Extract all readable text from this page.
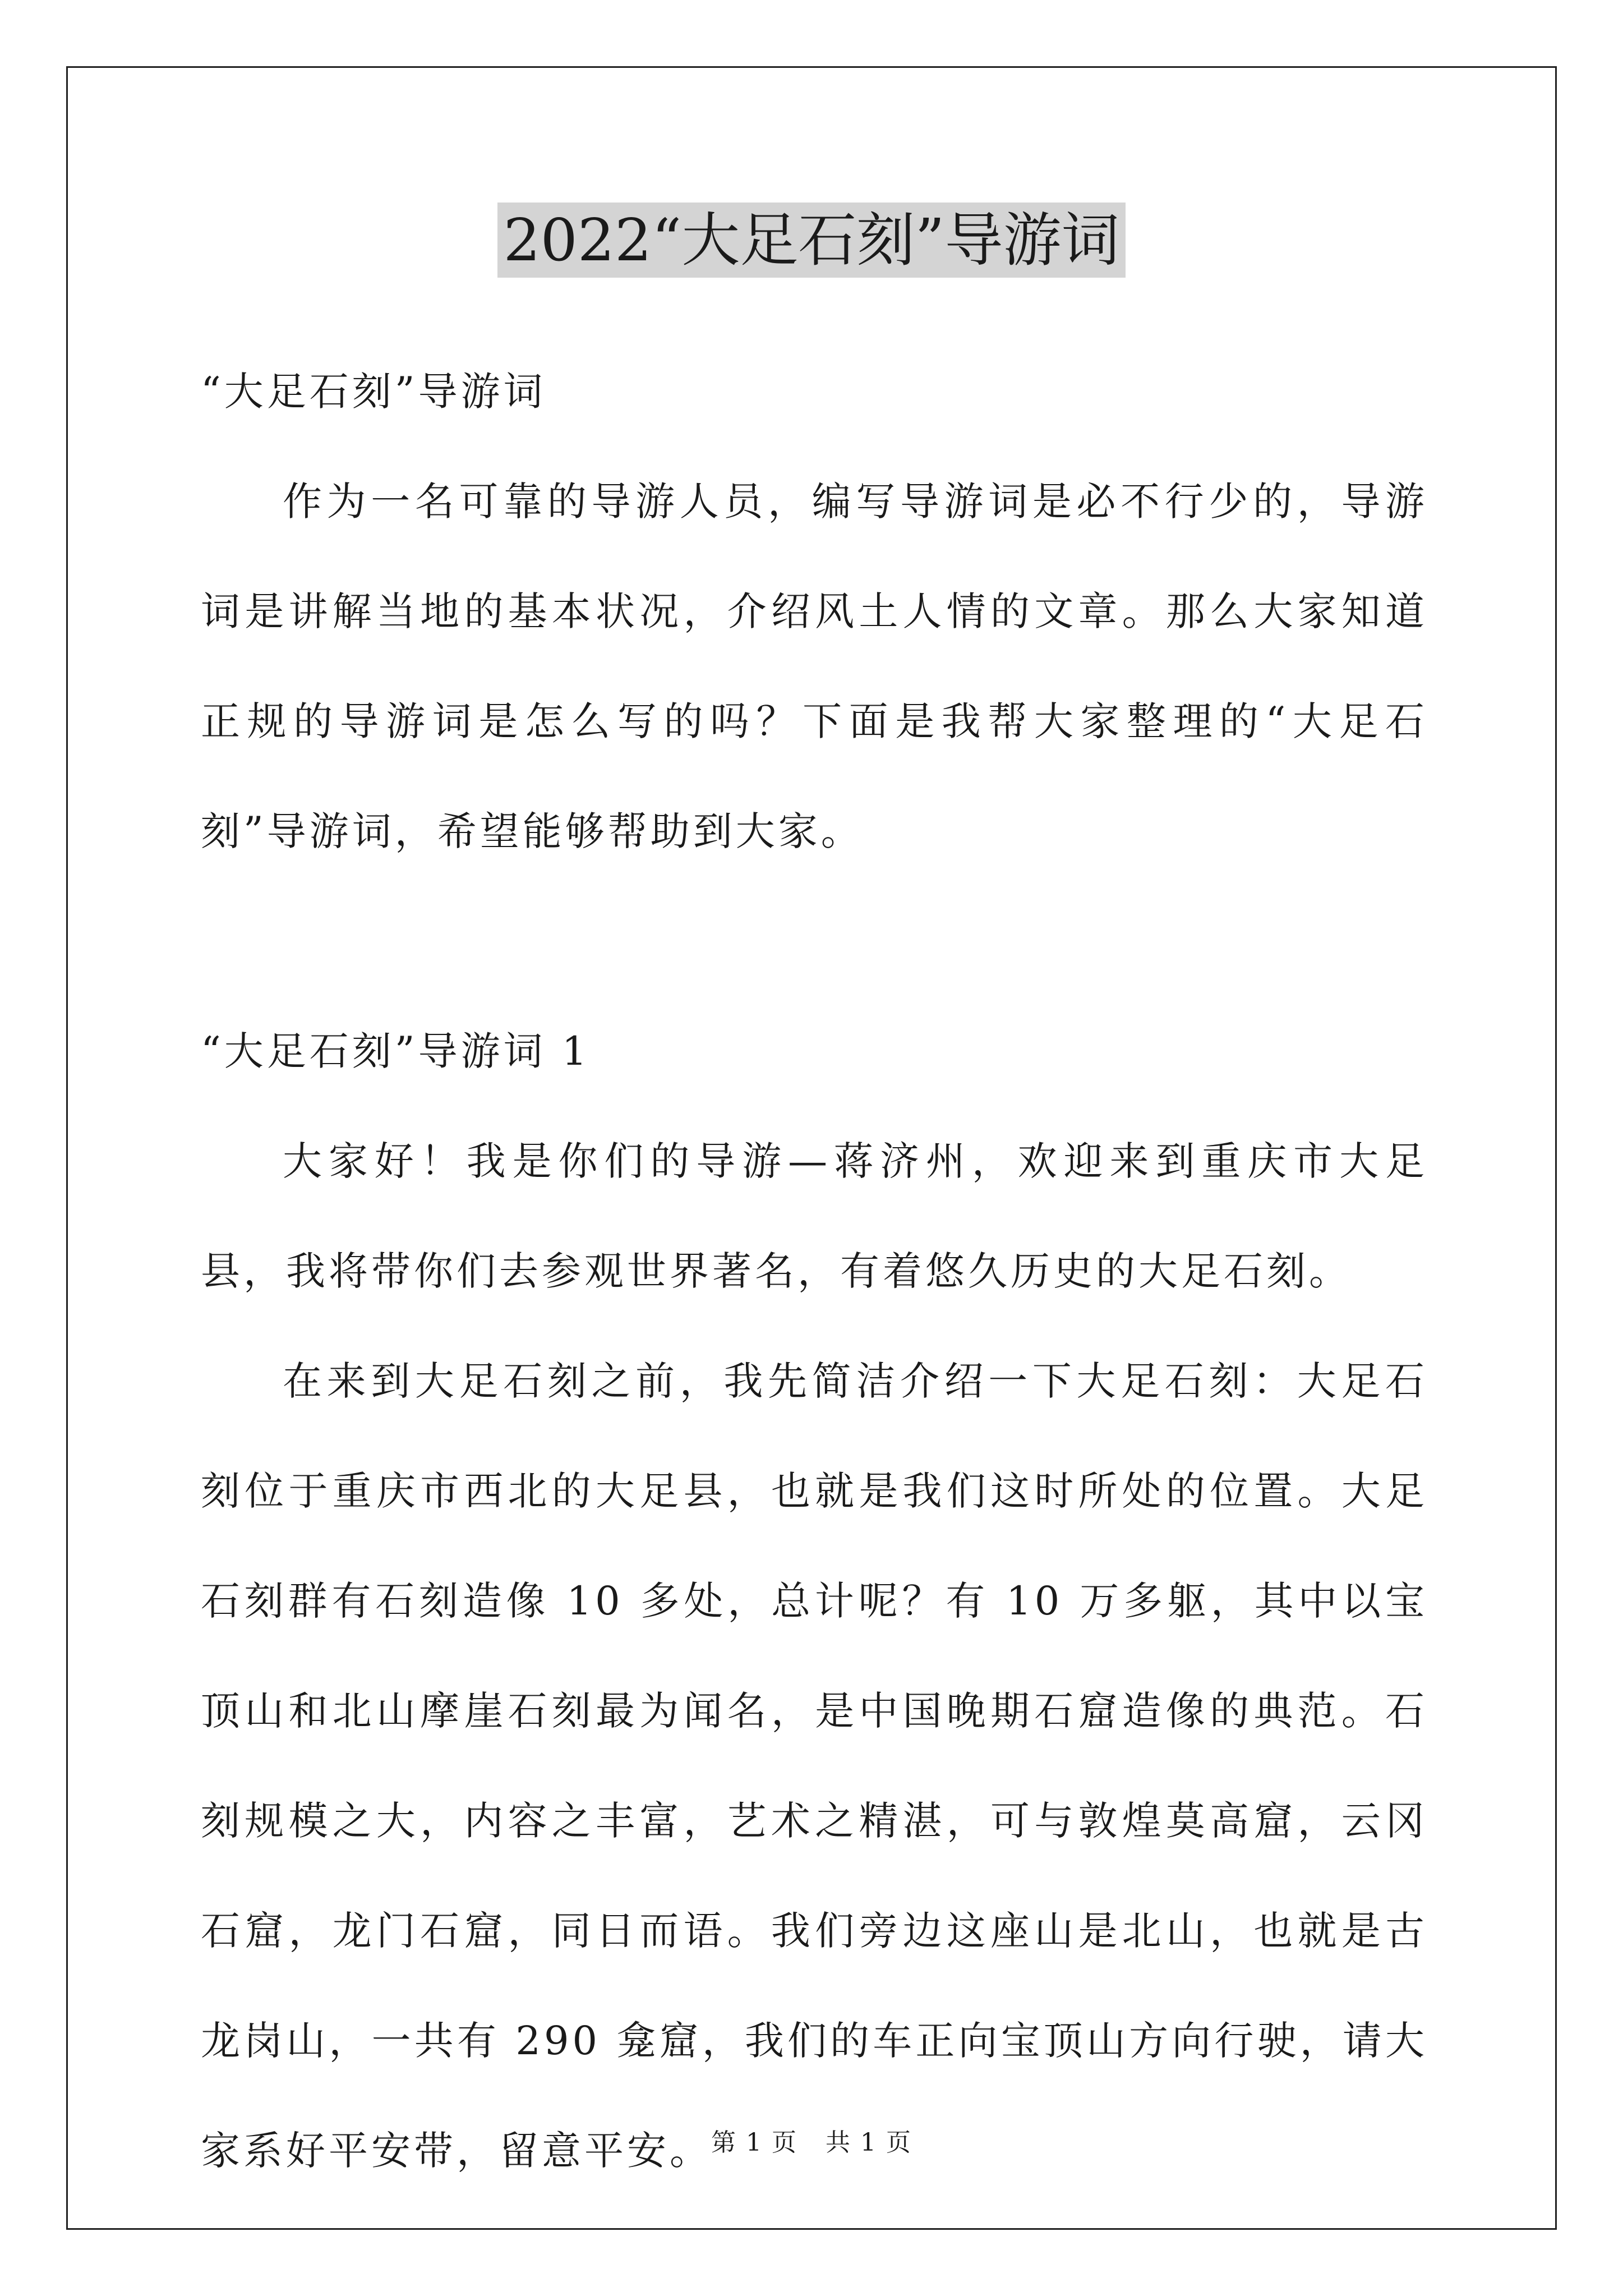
2022“大足石刻”导游词

“大足石刻”导游词

作为一名可靠的导游人员，编写导游词是必不行少的，导游词是讲解当地的基本状况，介绍风土人情的文章。那么大家知道正规的导游词是怎么写的吗？下面是我帮大家整理的“大足石刻”导游词，希望能够帮助到大家。

“大足石刻”导游词 1

大家好！我是你们的导游—蒋济州，欢迎来到重庆市大足县，我将带你们去参观世界著名，有着悠久历史的大足石刻。

在来到大足石刻之前，我先简洁介绍一下大足石刻：大足石刻位于重庆市西北的大足县，也就是我们这时所处的位置。大足石刻群有石刻造像 10 多处，总计呢？有 10 万多躯，其中以宝顶山和北山摩崖石刻最为闻名，是中国晚期石窟造像的典范。石刻规模之大，内容之丰富，艺术之精湛，可与敦煌莫高窟，云冈石窟，龙门石窟，同日而语。我们旁边这座山是北山，也就是古龙岗山，一共有 290 龛窟，我们的车正向宝顶山方向行驶，请大家系好平安带，留意平安。

第 1 页 共 1 页
